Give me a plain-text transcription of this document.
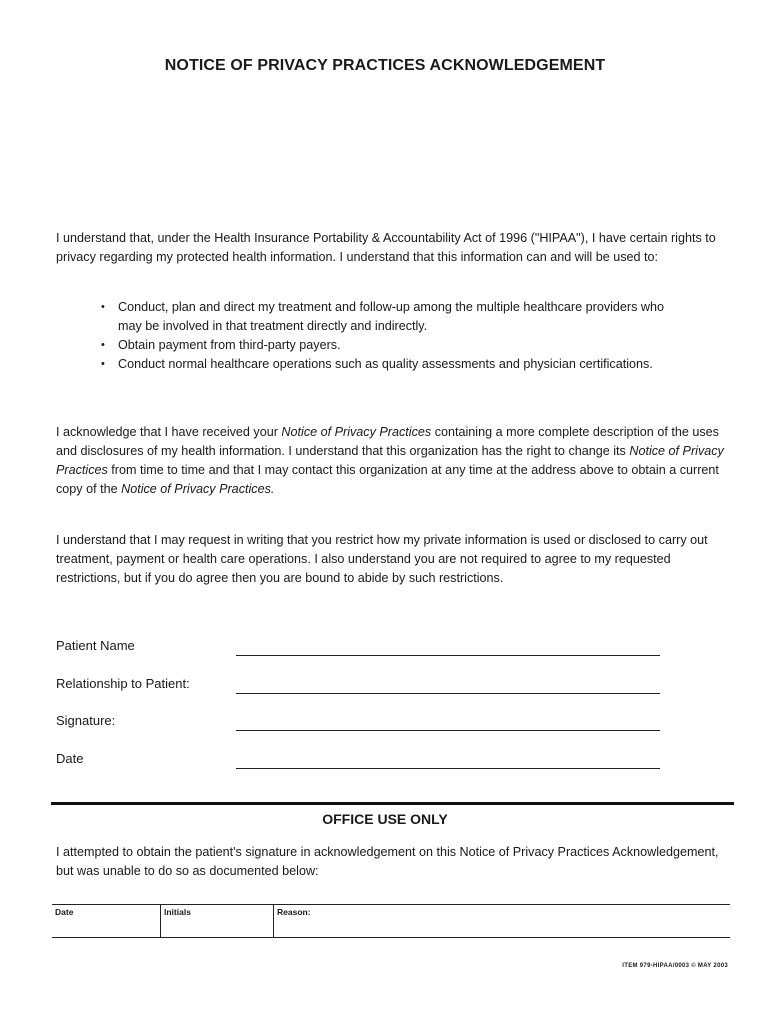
NOTICE OF PRIVACY PRACTICES ACKNOWLEDGEMENT

I understand that, under the Health Insurance Portability & Accountability Act of 1996 ("HIPAA"), I have certain rights to privacy regarding my protected health information. I understand that this information can and will be used to:

• Conduct, plan and direct my treatment and follow-up among the multiple healthcare providers who may be involved in that treatment directly and indirectly.
• Obtain payment from third-party payers.
• Conduct normal healthcare operations such as quality assessments and physician certifications.

I acknowledge that I have received your Notice of Privacy Practices containing a more complete description of the uses and disclosures of my health information. I understand that this organization has the right to change its Notice of Privacy Practices from time to time and that I may contact this organization at any time at the address above to obtain a current copy of the Notice of Privacy Practices.

I understand that I may request in writing that you restrict how my private information is used or disclosed to carry out treatment, payment or health care operations. I also understand you are not required to agree to my requested restrictions, but if you do agree then you are bound to abide by such restrictions.

Patient Name
Relationship to Patient:
Signature:
Date
OFFICE USE ONLY

I attempted to obtain the patient's signature in acknowledgement on this Notice of Privacy Practices Acknowledgement, but was unable to do so as documented below:

Date	Initials	Reason:
ITEM 979-HIPAA/0003 © MAY 2003
